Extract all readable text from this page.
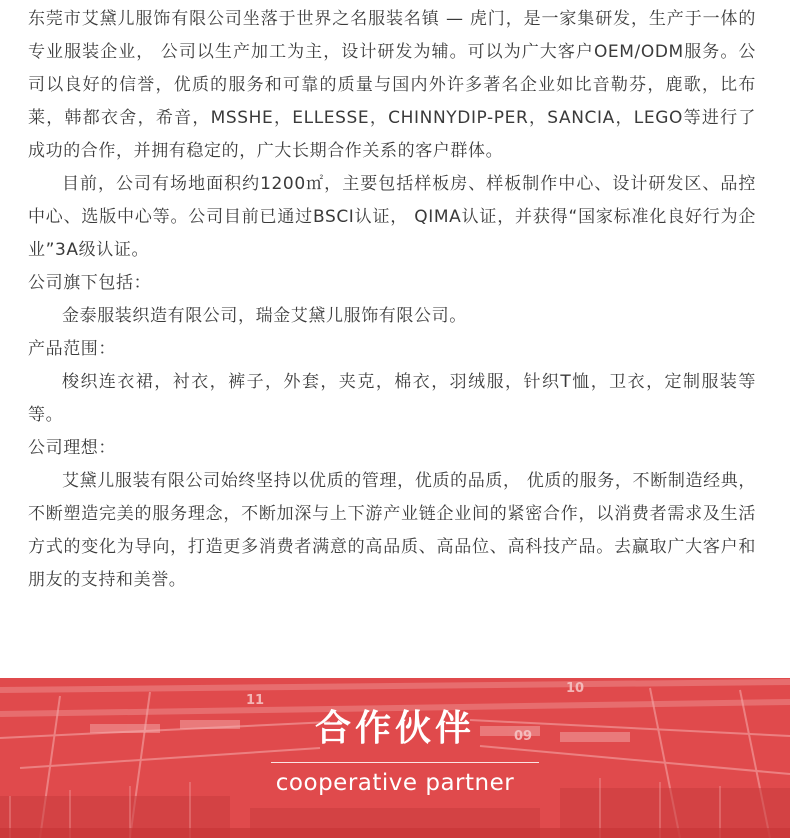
东莞市艾黛儿服饰有限公司坐落于世界之名服装名镇 — 虎门，是一家集研发，生产于一体的专业服装企业， 公司以生产加工为主，设计研发为辅。可以为广大客户OEM/ODM服务。公司以良好的信誉，优质的服务和可靠的质量与国内外许多著名企业如比音勒芬，鹿歌，比布莱，韩都衣舍，希音，MSSHE，ELLESSE，CHINNYDIP-PER，SANCIA，LEGO等进行了成功的合作，并拥有稳定的，广大长期合作关系的客户群体。

目前，公司有场地面积约1200㎡，主要包括样板房、样板制作中心、设计研发区、品控中心、选版中心等。公司目前已通过BSCI认证， QIMA认证，并获得“国家标准化良好行为企业”3A级认证。

公司旗下包括：

金泰服装织造有限公司，瑞金艾黛儿服饰有限公司。

产品范围：

梭织连衣裙，衬衣，裤子，外套，夹克，棉衣，羽绒服，针织T恤，卫衣，定制服装等等。

公司理想：

艾黛儿服装有限公司始终坚持以优质的管理，优质的品质， 优质的服务，不断制造经典，不断塑造完美的服务理念，不断加深与上下游产业链企业间的紧密合作，以消费者需求及生活方式的变化为导向，打造更多消费者满意的高品质、高品位、高科技产品。去赢取广大客户和朋友的支持和美誉。

11
10
09
合作伙伴
cooperative partner
